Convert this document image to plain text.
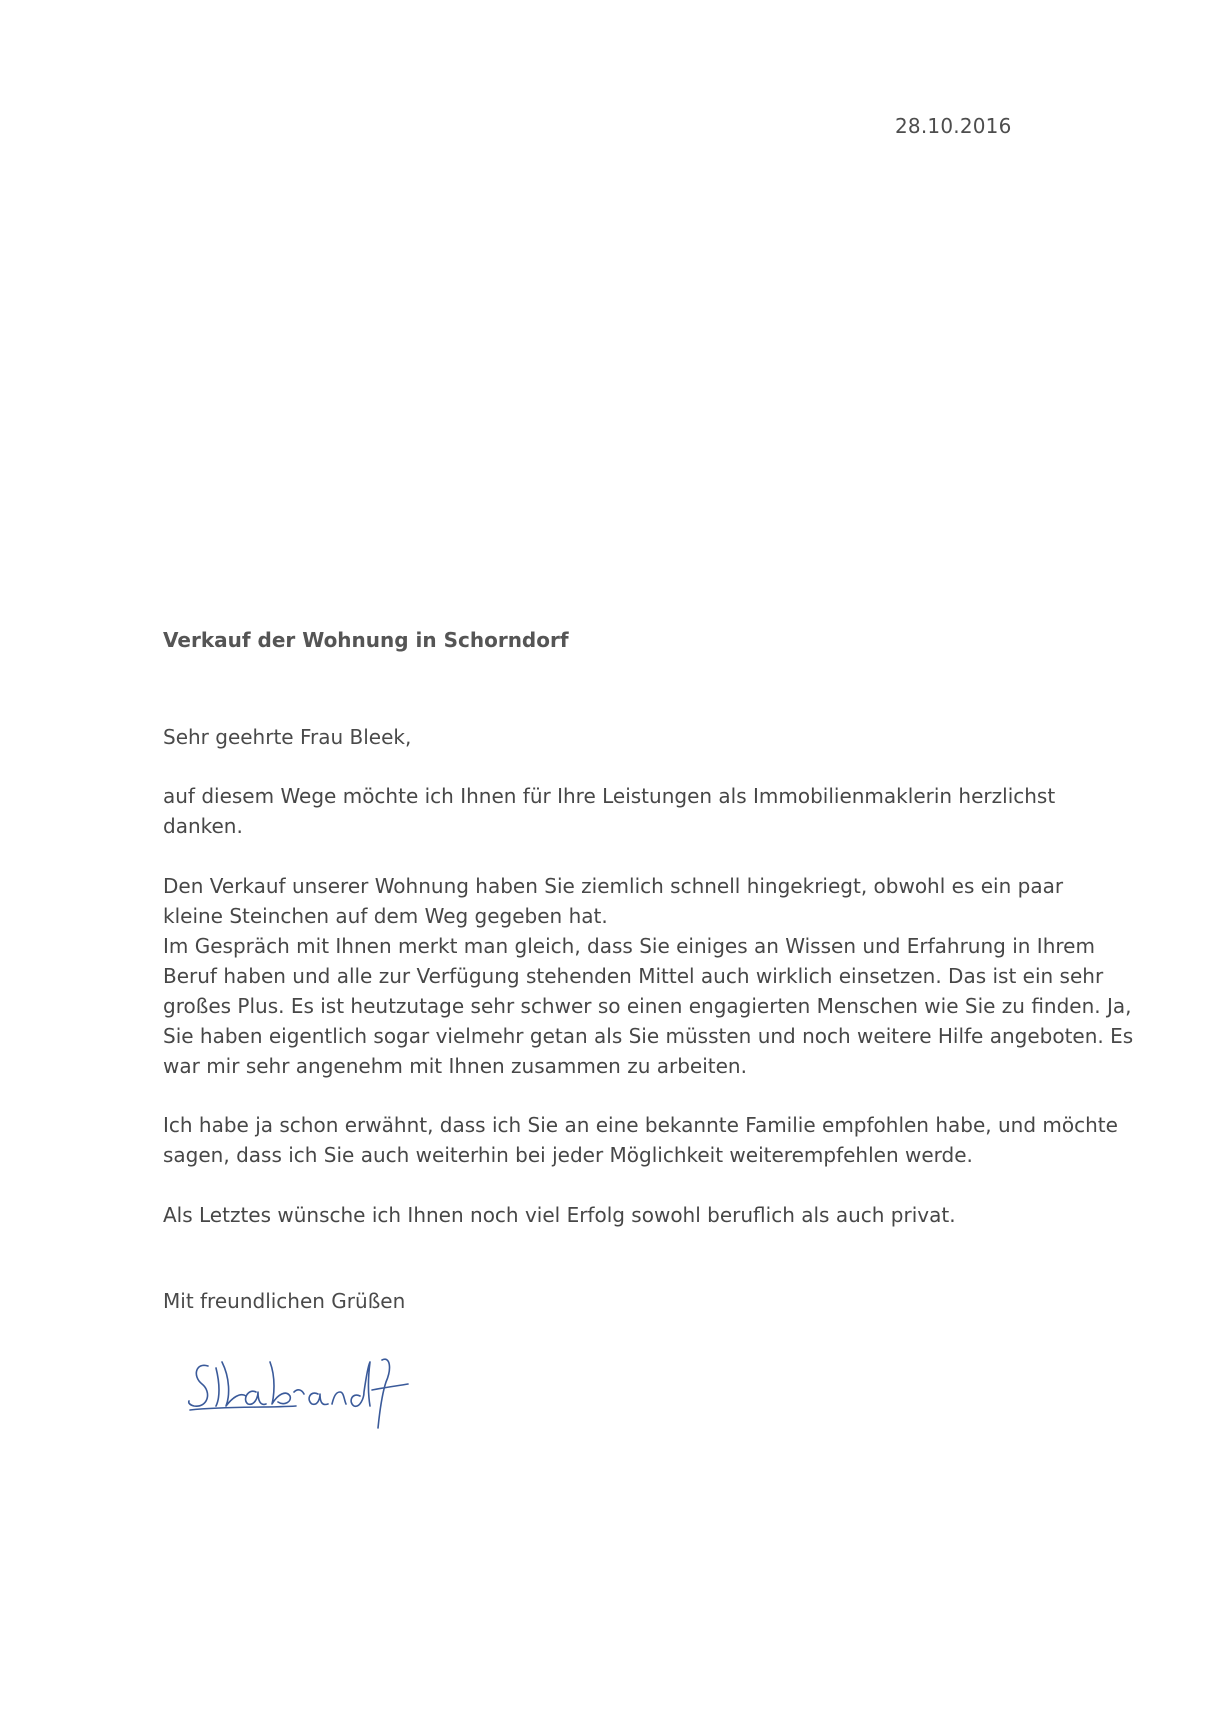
28.10.2016
Verkauf der Wohnung in Schorndorf
Sehr geehrte Frau Bleek,
auf diesem Wege möchte ich Ihnen für Ihre Leistungen als Immobilienmaklerin herzlichst
danken.
Den Verkauf unserer Wohnung haben Sie ziemlich schnell hingekriegt, obwohl es ein paar
kleine Steinchen auf dem Weg gegeben hat.
Im Gespräch mit Ihnen merkt man gleich, dass Sie einiges an Wissen und Erfahrung in Ihrem
Beruf haben und alle zur Verfügung stehenden Mittel auch wirklich einsetzen. Das ist ein sehr
großes Plus. Es ist heutzutage sehr schwer so einen engagierten Menschen wie Sie zu finden. Ja,
Sie haben eigentlich sogar vielmehr getan als Sie müssten und noch weitere Hilfe angeboten. Es
war mir sehr angenehm mit Ihnen zusammen zu arbeiten.
Ich habe ja schon erwähnt, dass ich Sie an eine bekannte Familie empfohlen habe, und möchte
sagen, dass ich Sie auch weiterhin bei jeder Möglichkeit weiterempfehlen werde.
Als Letztes wünsche ich Ihnen noch viel Erfolg sowohl beruflich als auch privat.
Mit freundlichen Grüßen
